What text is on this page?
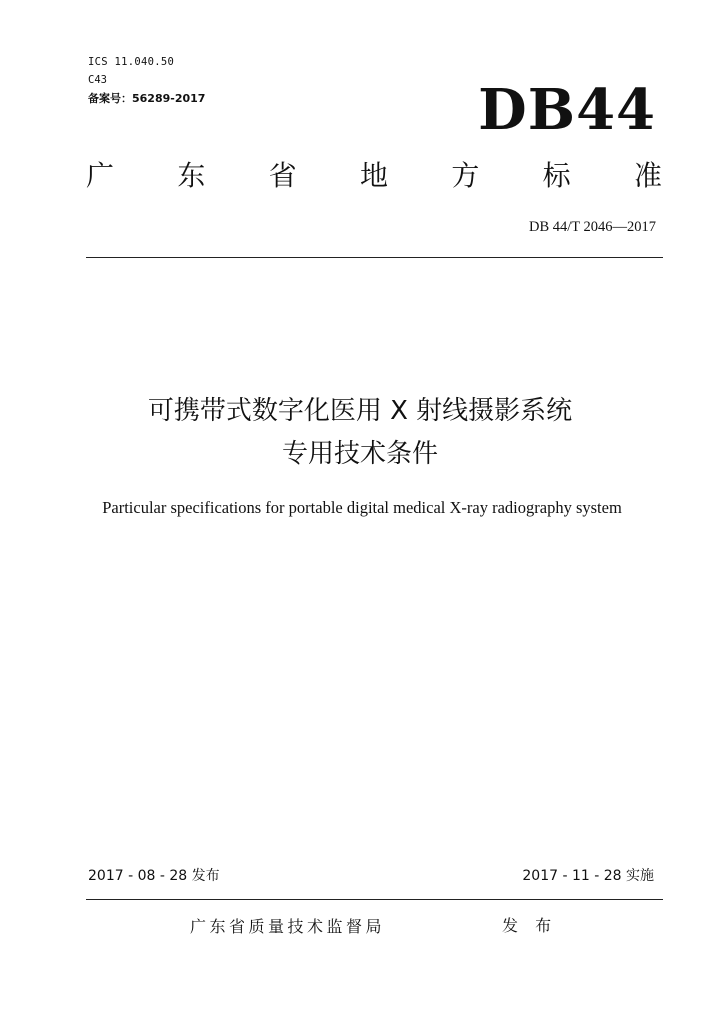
ICS 11.040.50
C43
备案号：56289-2017	DB44
广 东 省 地 方 标 准
DB 44/T 2046—2017
可携带式数字化医用 X 射线摄影系统
专用技术条件
Particular specifications for portable digital medical X-ray radiography system
2017 - 08 - 28 发布	2017 - 11 - 28 实施
广东省质量技术监督局	发 布
